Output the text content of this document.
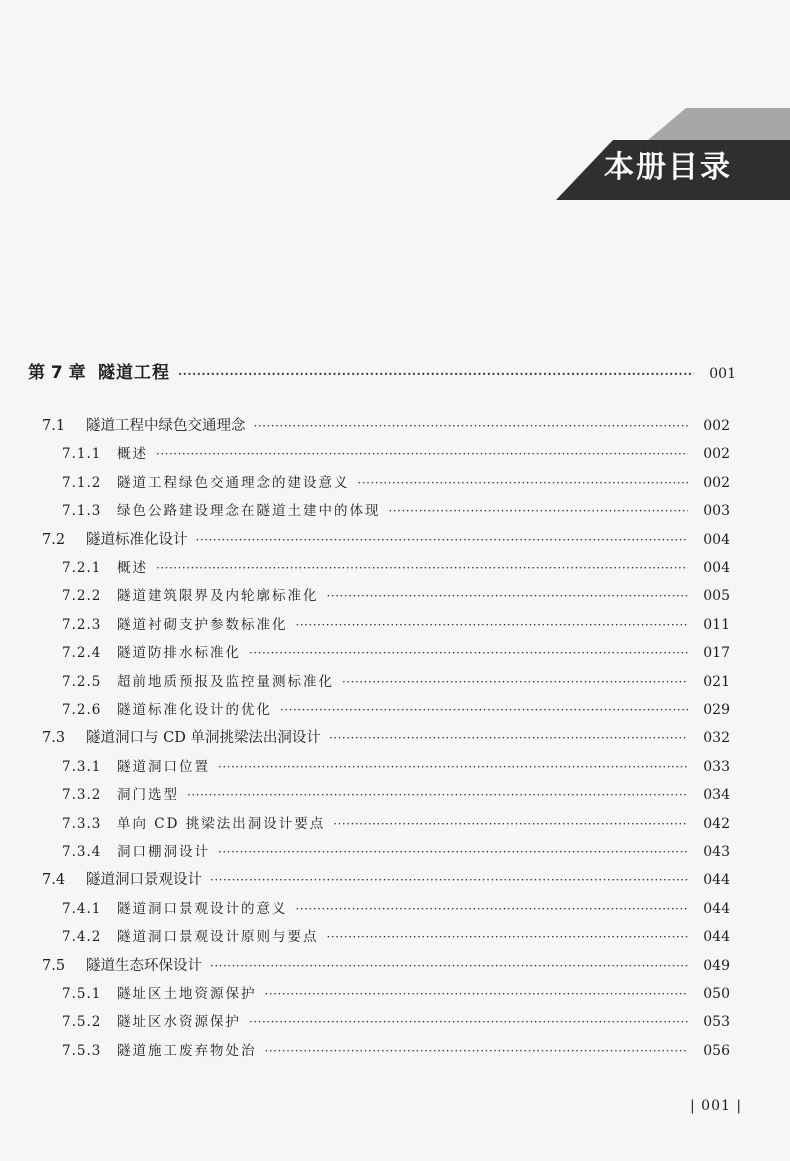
本册目录
第 7 章 隧道工程 ·····	001
7.1	隧道工程中绿色交通理念 ·····	002
7.1.1	概述 ·····	002
7.1.2	隧道工程绿色交通理念的建设意义 ·····	002
7.1.3	绿色公路建设理念在隧道土建中的体现 ·····	003
7.2	隧道标准化设计 ·····	004
7.2.1	概述 ·····	004
7.2.2	隧道建筑限界及内轮廓标准化 ·····	005
7.2.3	隧道衬砌支护参数标准化 ·····	011
7.2.4	隧道防排水标准化 ·····	017
7.2.5	超前地质预报及监控量测标准化 ·····	021
7.2.6	隧道标准化设计的优化 ·····	029
7.3	隧道洞口与 CD 单洞挑梁法出洞设计 ·····	032
7.3.1	隧道洞口位置 ·····	033
7.3.2	洞门选型 ·····	034
7.3.3	单向 CD 挑梁法出洞设计要点 ·····	042
7.3.4	洞口棚洞设计 ·····	043
7.4	隧道洞口景观设计 ·····	044
7.4.1	隧道洞口景观设计的意义 ·····	044
7.4.2	隧道洞口景观设计原则与要点 ·····	044
7.5	隧道生态环保设计 ·····	049
7.5.1	隧址区土地资源保护 ·····	050
7.5.2	隧址区水资源保护 ·····	053
7.5.3	隧道施工废弃物处治 ·····	056
| 001 |
